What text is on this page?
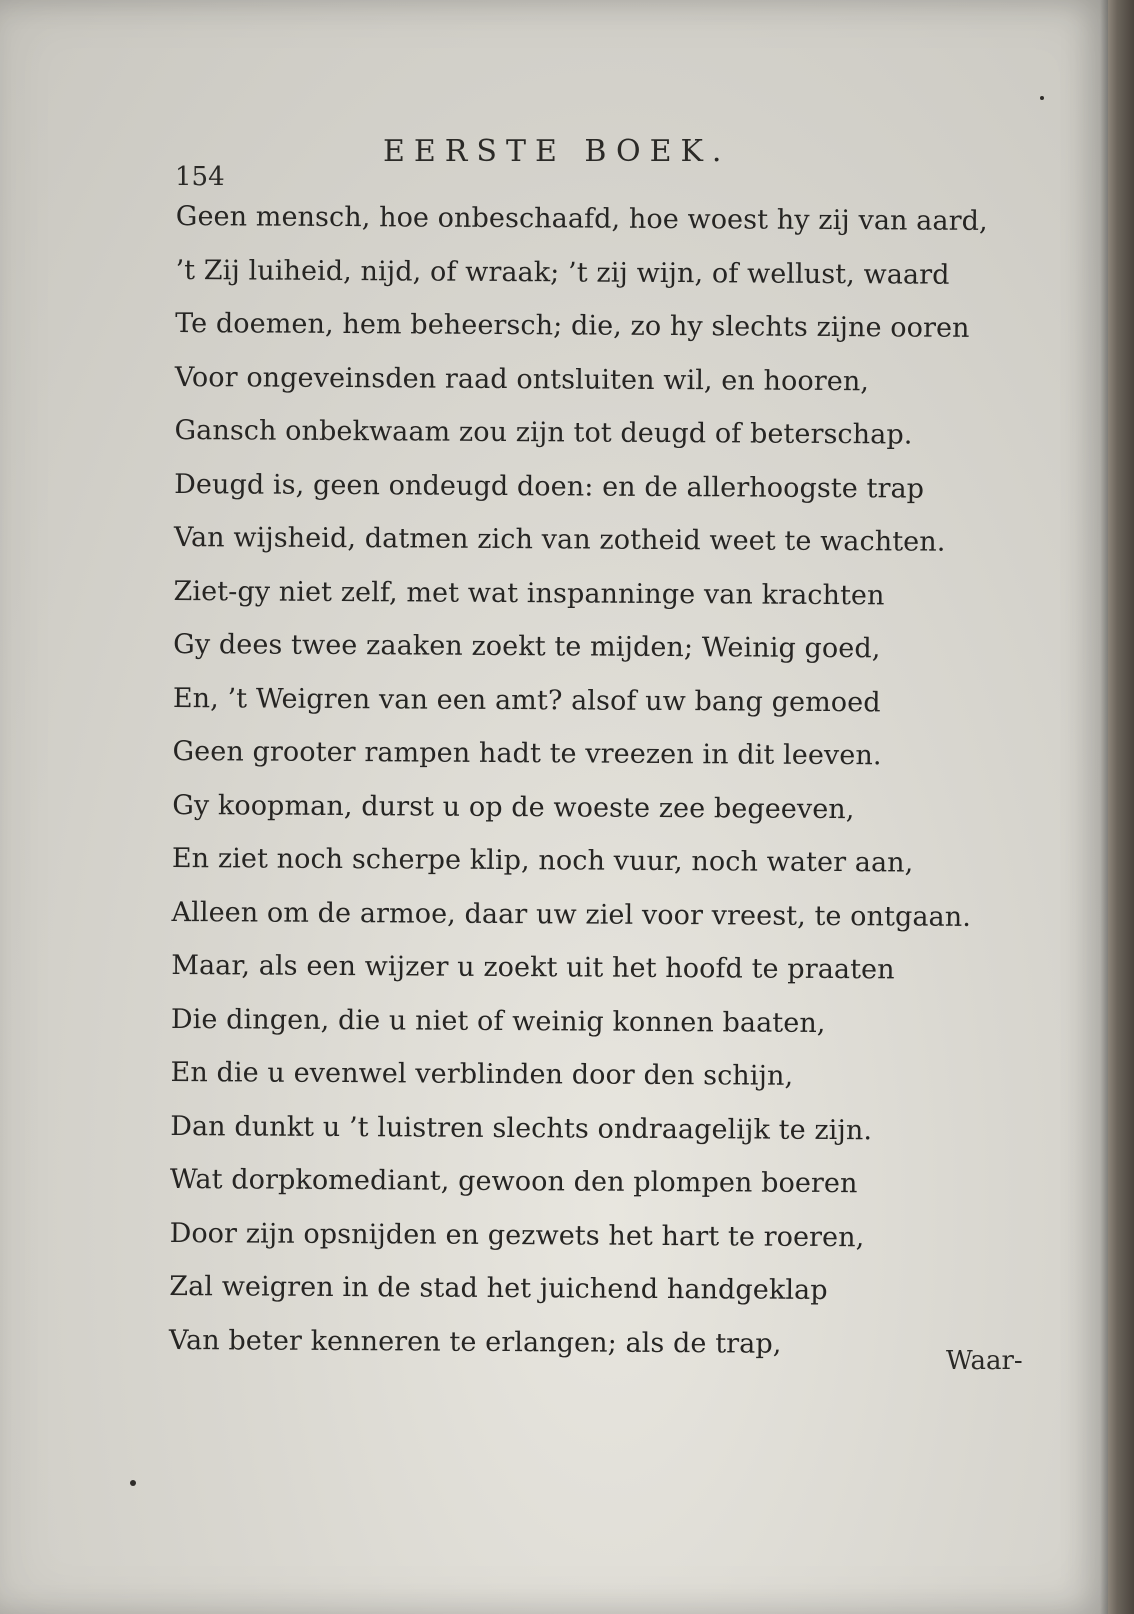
154
EERSTE BOEK.
Geen mensch, hoe onbeschaafd, hoe woest hy zij van aard,
’t Zij luiheid, nijd, of wraak; ’t zij wijn, of wellust, waard
Te doemen, hem beheersch; die, zo hy slechts zijne ooren
Voor ongeveinsden raad ontsluiten wil, en hooren,
Gansch onbekwaam zou zijn tot deugd of beterschap.
Deugd is, geen ondeugd doen: en de allerhoogste trap
Van wijsheid, datmen zich van zotheid weet te wachten.
Ziet-gy niet zelf, met wat inspanninge van krachten
Gy dees twee zaaken zoekt te mijden; Weinig goed,
En, ’t Weigren van een amt? alsof uw bang gemoed
Geen grooter rampen hadt te vreezen in dit leeven.
Gy koopman, durst u op de woeste zee begeeven,
En ziet noch scherpe klip, noch vuur, noch water aan,
Alleen om de armoe, daar uw ziel voor vreest, te ontgaan.
Maar, als een wijzer u zoekt uit het hoofd te praaten
Die dingen, die u niet of weinig konnen baaten,
En die u evenwel verblinden door den schijn,
Dan dunkt u ’t luistren slechts ondraagelijk te zijn.
Wat dorpkomediant, gewoon den plompen boeren
Door zijn opsnijden en gezwets het hart te roeren,
Zal weigren in de stad het juichend handgeklap
Van beter kenneren te erlangen; als de trap,
Waar-
